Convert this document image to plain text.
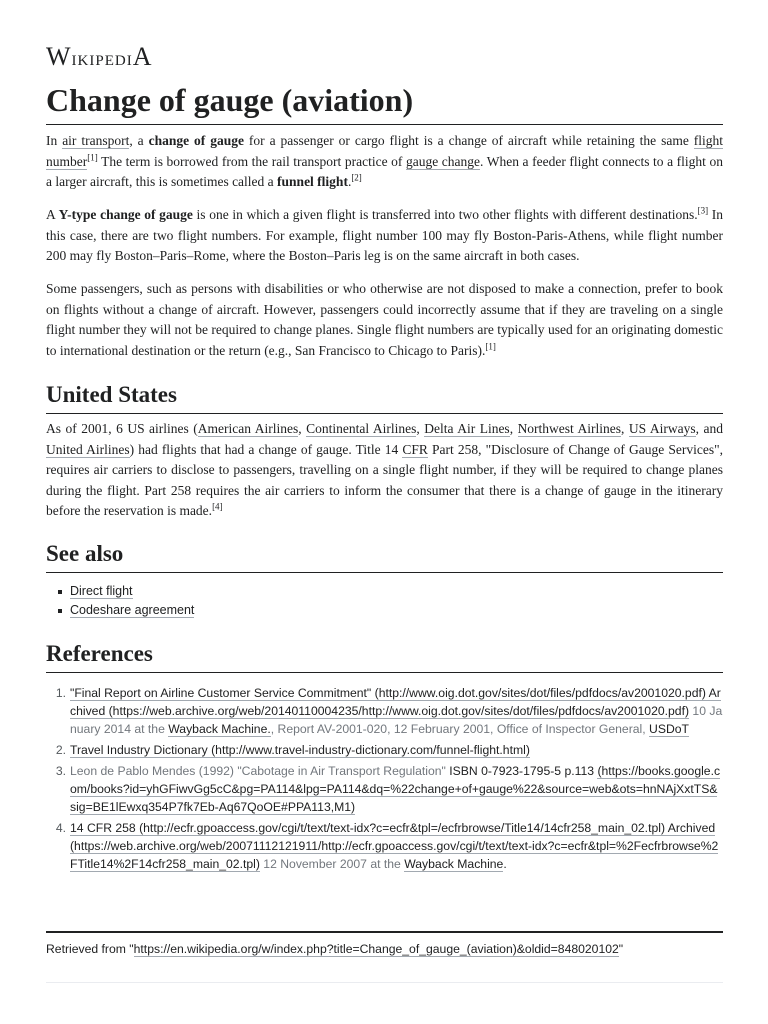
WikipediA
Change of gauge (aviation)

In air transport, a change of gauge for a passenger or cargo flight is a change of aircraft while retaining the same flight number[1] The term is borrowed from the rail transport practice of gauge change. When a feeder flight connects to a flight on a larger aircraft, this is sometimes called a funnel flight.[2]

A Y-type change of gauge is one in which a given flight is transferred into two other flights with different destinations.[3] In this case, there are two flight numbers. For example, flight number 100 may fly Boston-Paris-Athens, while flight number 200 may fly Boston–Paris–Rome, where the Boston–Paris leg is on the same aircraft in both cases.

Some passengers, such as persons with disabilities or who otherwise are not disposed to make a connection, prefer to book on flights without a change of aircraft. However, passengers could incorrectly assume that if they are traveling on a single flight number they will not be required to change planes. Single flight numbers are typically used for an originating domestic to international destination or the return (e.g., San Francisco to Chicago to Paris).[1]

United States

As of 2001, 6 US airlines (American Airlines, Continental Airlines, Delta Air Lines, Northwest Airlines, US Airways, and United Airlines) had flights that had a change of gauge. Title 14 CFR Part 258, "Disclosure of Change of Gauge Services", requires air carriers to disclose to passengers, travelling on a single flight number, if they will be required to change planes during the flight. Part 258 requires the air carriers to inform the consumer that there is a change of gauge in the itinerary before the reservation is made.[4]

See also
Direct flight
Codeshare agreement
References
1. "Final Report on Airline Customer Service Commitment" (http://www.oig.dot.gov/sites/dot/files/pdfdocs/av2001020.pdf) Archived (https://web.archive.org/web/20140110004235/http://www.oig.dot.gov/sites/dot/files/pdfdocs/av2001020.pdf) 10 January 2014 at the Wayback Machine., Report AV-2001-020, 12 February 2001, Office of Inspector General, USDoT
2. Travel Industry Dictionary (http://www.travel-industry-dictionary.com/funnel-flight.html)
3. Leon de Pablo Mendes (1992) "Cabotage in Air Transport Regulation" ISBN 0-7923-1795-5 p.113 (https://books.google.com/books?id=yhGFiwvGg5cC&pg=PA114&lpg=PA114&dq=%22change+of+gauge%22&source=web&ots=hnNAjXxtTS&sig=BE1lEwxq354P7fk7Eb-Aq67QoOE#PPA113,M1)
4. 14 CFR 258 (http://ecfr.gpoaccess.gov/cgi/t/text/text-idx?c=ecfr&tpl=/ecfrbrowse/Title14/14cfr258_main_02.tpl) Archived (https://web.archive.org/web/20071112121911/http://ecfr.gpoaccess.gov/cgi/t/text/text-idx?c=ecfr&tpl=%2Fecfrbrowse%2FTitle14%2F14cfr258_main_02.tpl) 12 November 2007 at the Wayback Machine.
Retrieved from "https://en.wikipedia.org/w/index.php?title=Change_of_gauge_(aviation)&oldid=848020102"
